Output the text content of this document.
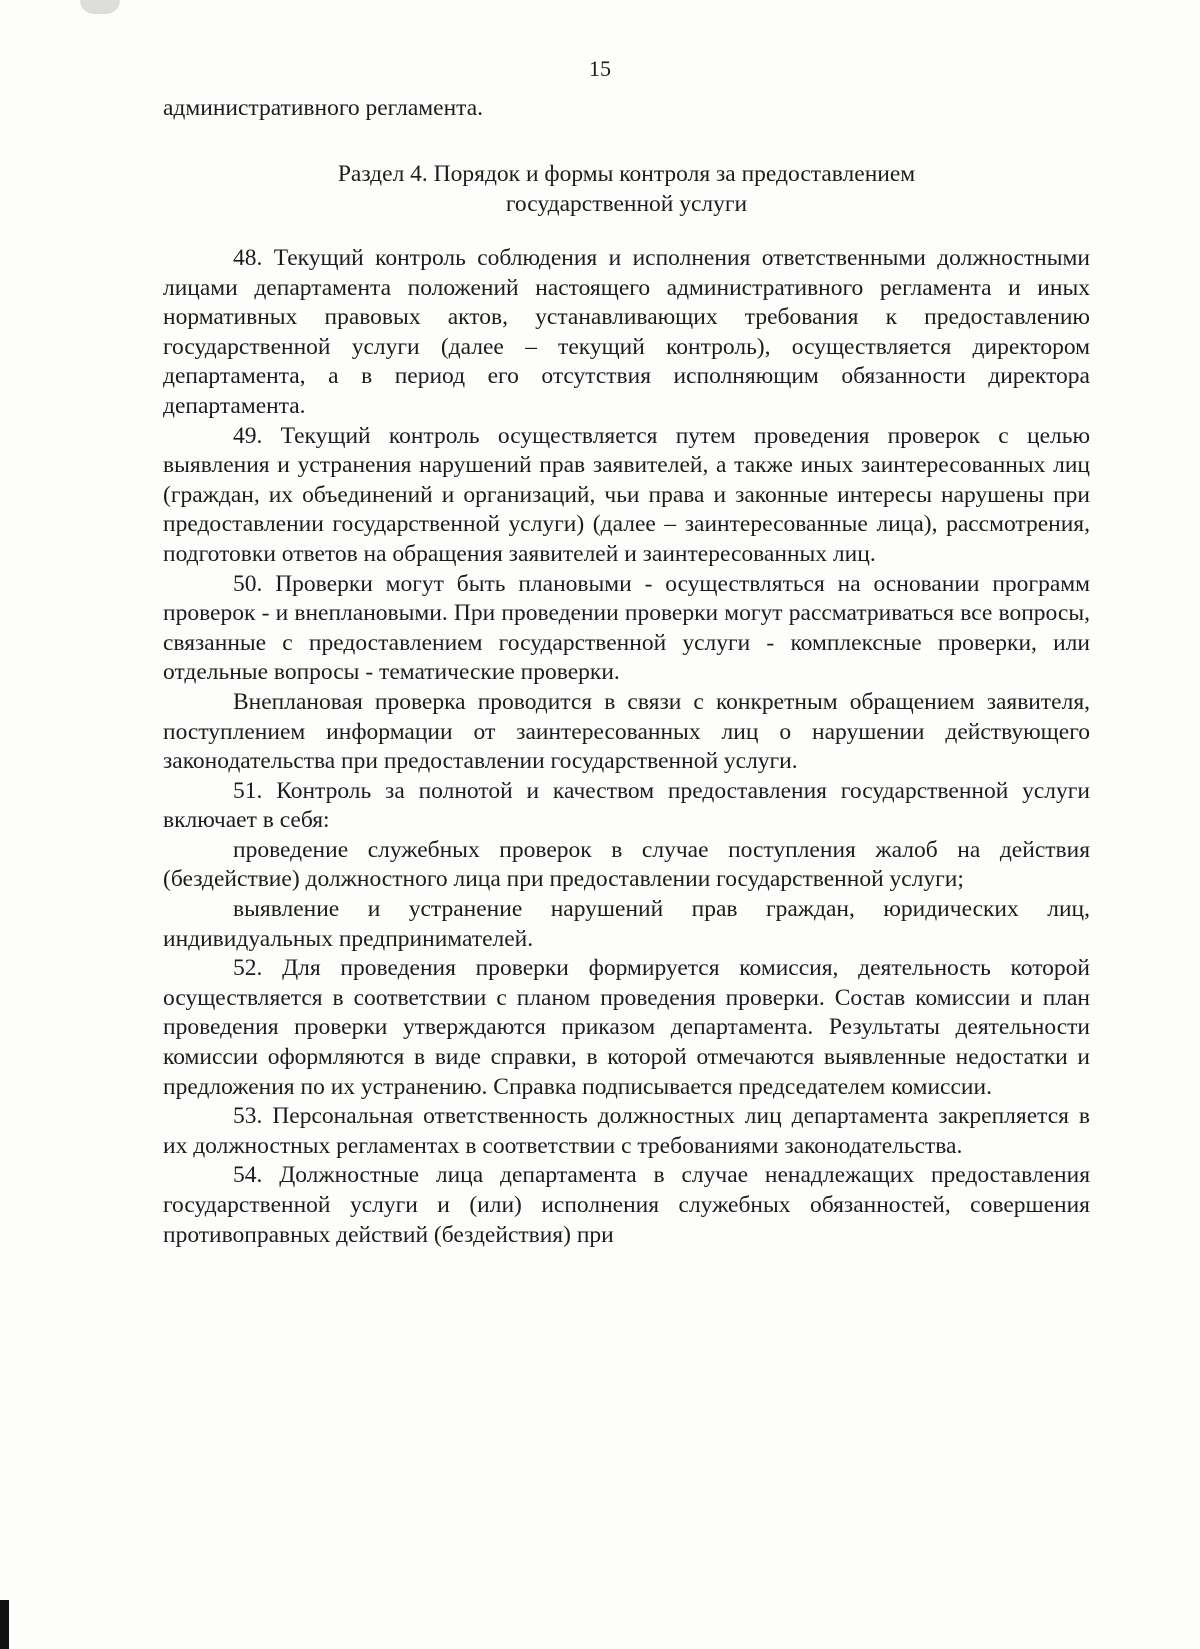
15
административного регламента.
Раздел 4. Порядок и формы контроля за предоставлением
государственной услуги

48. Текущий контроль соблюдения и исполнения ответственными должностными лицами департамента положений настоящего административного регламента и иных нормативных правовых актов, устанавливающих требования к предоставлению государственной услуги (далее – текущий контроль), осуществляется директором департамента, а в период его отсутствия исполняющим обязанности директора департамента.

49. Текущий контроль осуществляется путем проведения проверок с целью выявления и устранения нарушений прав заявителей, а также иных заинтересованных лиц (граждан, их объединений и организаций, чьи права и законные интересы нарушены при предоставлении государственной услуги) (далее – заинтересованные лица), рассмотрения, подготовки ответов на обращения заявителей и заинтересованных лиц.

50. Проверки могут быть плановыми - осуществляться на основании программ проверок - и внеплановыми. При проведении проверки могут рассматриваться все вопросы, связанные с предоставлением государственной услуги - комплексные проверки, или отдельные вопросы - тематические проверки.

Внеплановая проверка проводится в связи с конкретным обращением заявителя, поступлением информации от заинтересованных лиц о нарушении действующего законодательства при предоставлении государственной услуги.

51. Контроль за полнотой и качеством предоставления государственной услуги включает в себя:

проведение служебных проверок в случае поступления жалоб на действия (бездействие) должностного лица при предоставлении государственной услуги;

выявление и устранение нарушений прав граждан, юридических лиц, индивидуальных предпринимателей.

52. Для проведения проверки формируется комиссия, деятельность которой осуществляется в соответствии с планом проведения проверки. Состав комиссии и план проведения проверки утверждаются приказом департамента. Результаты деятельности комиссии оформляются в виде справки, в которой отмечаются выявленные недостатки и предложения по их устранению. Справка подписывается председателем комиссии.

53. Персональная ответственность должностных лиц департамента закрепляется в их должностных регламентах в соответствии с требованиями законодательства.

54. Должностные лица департамента в случае ненадлежащих предоставления государственной услуги и (или) исполнения служебных обязанностей, совершения противоправных действий (бездействия) при
